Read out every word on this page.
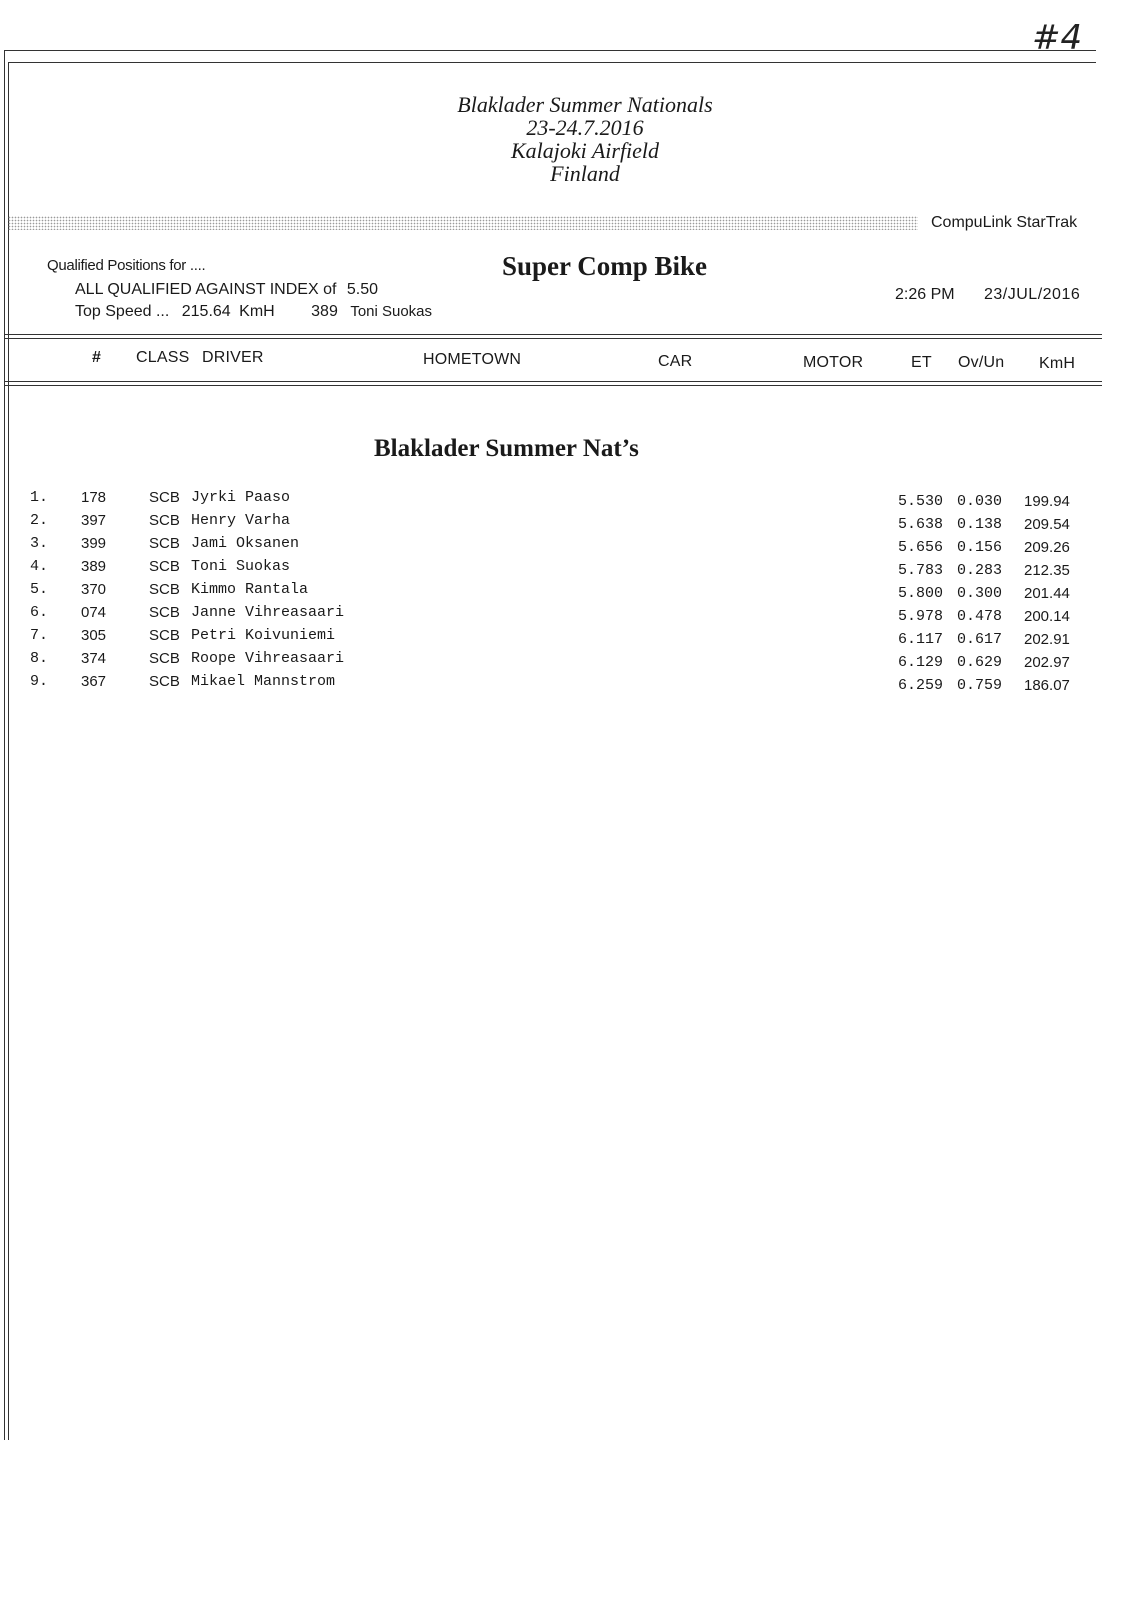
#4
Blaklader Summer Nationals
23-24.7.2016
Kalajoki Airfield
Finland
CompuLink StarTrak
Qualified Positions for ....
ALL QUALIFIED AGAINST INDEX of 5.50
Top Speed ... 215.64 KmH 389 Toni Suokas
Super Comp Bike
2:26 PM 23/JUL/2016
# CLASS DRIVER	HOMETOWN	CAR	MOTOR	ET Ov/Un KmH
Blaklader Summer Nat’s
1. 178	SCB Jyrki Paaso	5.530 0.030 199.94
2. 397	SCB Henry Varha	5.638 0.138 209.54
3. 399	SCB Jami Oksanen	5.656 0.156 209.26
4. 389	SCB Toni Suokas	5.783 0.283 212.35
5. 370	SCB Kimmo Rantala	5.800 0.300 201.44
6. 074	SCB Janne Vihreasaari	5.978 0.478 200.14
7. 305	SCB Petri Koivuniemi	6.117 0.617 202.91
8. 374	SCB Roope Vihreasaari	6.129 0.629 202.97
9. 367	SCB Mikael Mannstrom	6.259 0.759 186.07
